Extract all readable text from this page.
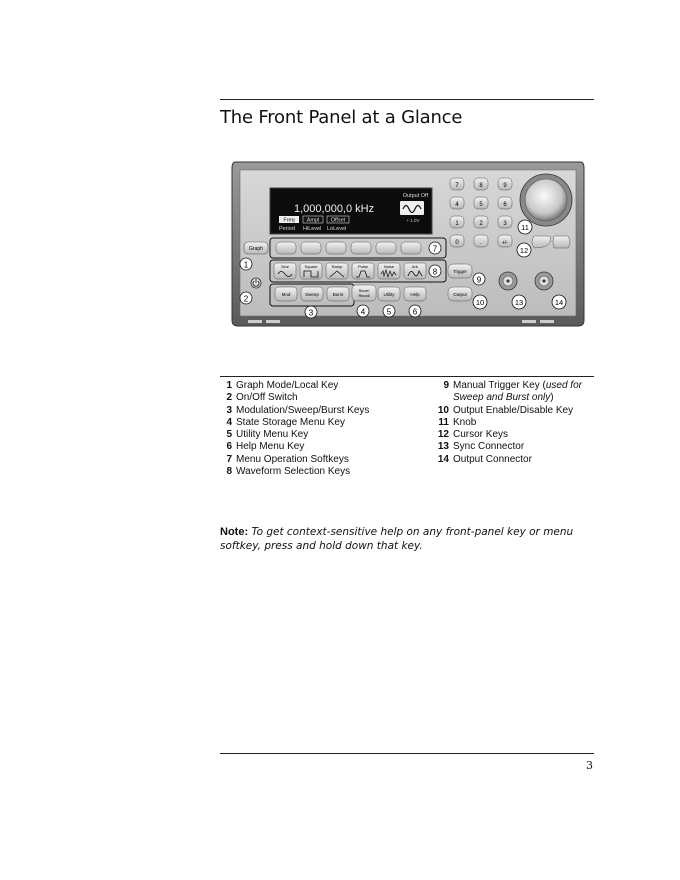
The Front Panel at a Glance
Output Off
1,000,000,0 kHz
+ 1.0V
Freq Ampl Offset
Period HiLevel LoLevel
Graph
Sine	Square	Ramp	Pulse	Noise	Arb
Mod	Sweep	Burst
Store/
Recall	Utility	Help
Trigger
Output
7	8	9
4	5	6
1	2	3
0	.	+/-
1
2
3	4	5	6
7
8
9
10
11
12
13	14
1 Graph Mode/Local Key
2 On/Off Switch
3 Modulation/Sweep/Burst Keys
4 State Storage Menu Key
5 Utility Menu Key
6 Help Menu Key
7 Menu Operation Softkeys
8 Waveform Selection Keys
9 Manual Trigger Key (used for
Sweep and Burst only)
10 Output Enable/Disable Key
11 Knob
12 Cursor Keys
13 Sync Connector
14 Output Connector
Note: To get context-sensitive help on any front-panel key or menu softkey, press and hold down that key.
3
